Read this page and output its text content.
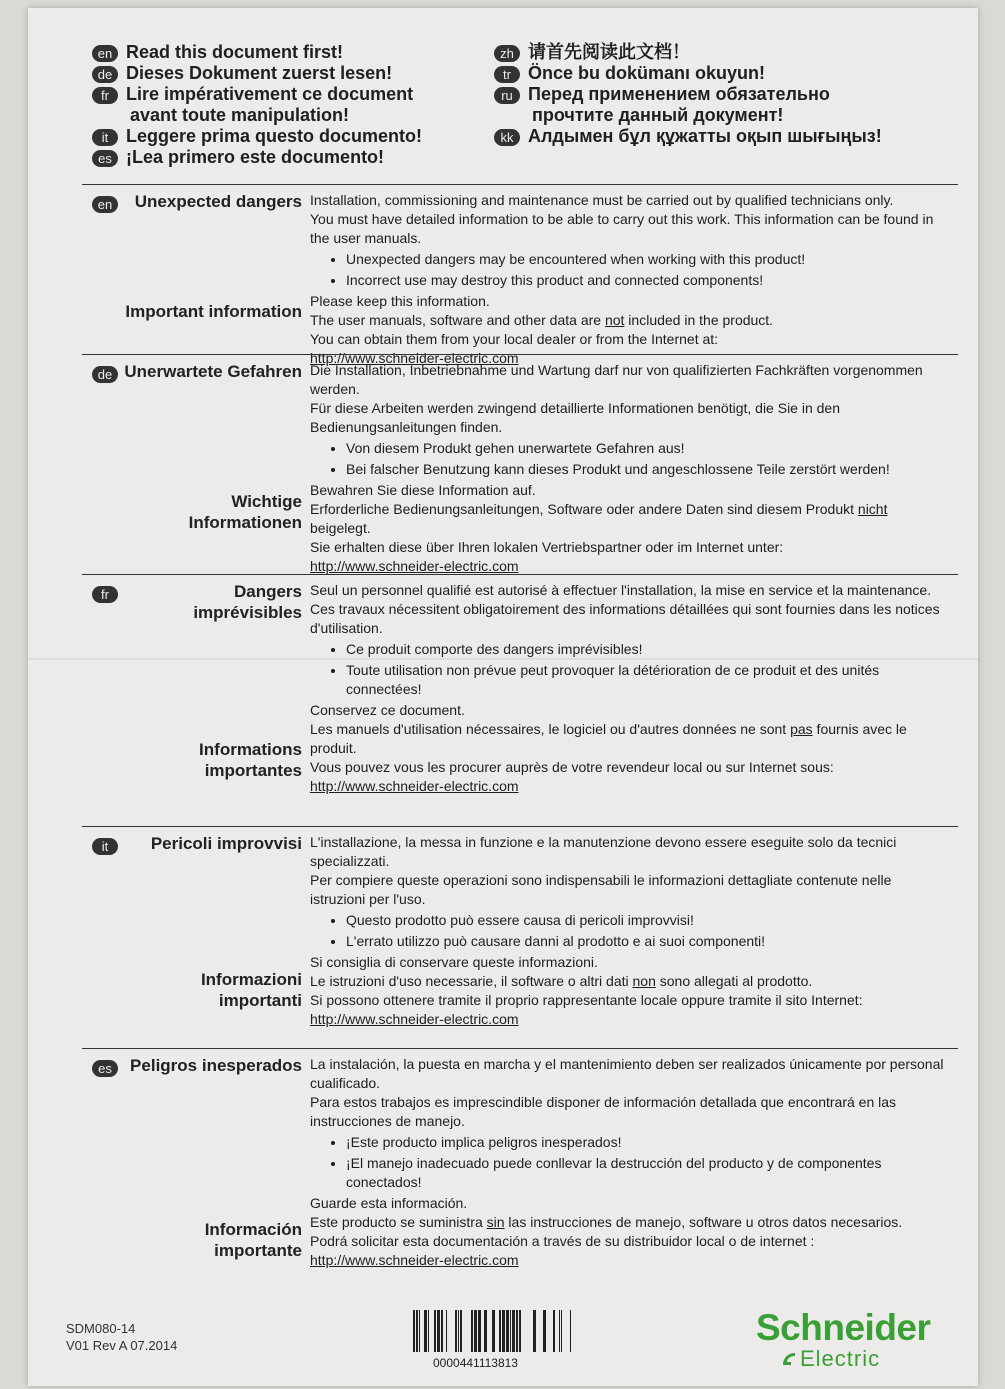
en Read this document first!
de Dieses Dokument zuerst lesen!
fr Lire impérativement ce document
avant toute manipulation!
it Leggere prima questo documento!
es ¡Lea primero este documento!
zh 请首先阅读此文档！
tr Önce bu dokümanı okuyun!
ru Перед применением обязательно
прочтите данный документ!
kk Алдымен бұл құжатты оқып шығыңыз!
en	Unexpected dangers Installation, commissioning and maintenance must be carried out by qualified technicians only.

You must have detailed information to be able to carry out this work. This information can be found in the user manuals.

• Unexpected dangers may be encountered when working with this product!
• Incorrect use may destroy this product and connected components!

Please keep this information.

The user manuals, software and other data are not included in the product.

You can obtain them from your local dealer or from the Internet at:

http://www.schneider-electric.com

Important information
de Unerwartete Gefahren Die Installation, Inbetriebnahme und Wartung darf nur von qualifizierten Fachkräften vorgenommen werden.

Für diese Arbeiten werden zwingend detaillierte Informationen benötigt, die Sie in den Bedienungsanleitungen finden.

• Von diesem Produkt gehen unerwartete Gefahren aus!
• Bei falscher Benutzung kann dieses Produkt und angeschlossene Teile zerstört werden!

Bewahren Sie diese Information auf.

Erforderliche Bedienungsanleitungen, Software oder andere Daten sind diesem Produkt nicht beigelegt.

Sie erhalten diese über Ihren lokalen Vertriebspartner oder im Internet unter:

http://www.schneider-electric.com

Wichtige Informationen
fr	Dangers imprévisibles

Seul un personnel qualifié est autorisé à effectuer l'installation, la mise en service et la maintenance.

Ces travaux nécessitent obligatoirement des informations détaillées qui sont fournies dans les notices d'utilisation.

• Ce produit comporte des dangers imprévisibles!
• Toute utilisation non prévue peut provoquer la détérioration de ce produit et des unités connectées!

Conservez ce document.

Les manuels d'utilisation nécessaires, le logiciel ou d'autres données ne sont pas fournis avec le produit.

Vous pouvez vous les procurer auprès de votre revendeur local ou sur Internet sous:

http://www.schneider-electric.com

Informations importantes
it	Pericoli improvvisi L'installazione, la messa in funzione e la manutenzione devono essere eseguite solo da tecnici specializzati.

Per compiere queste operazioni sono indispensabili le informazioni dettagliate contenute nelle istruzioni per l'uso.

• Questo prodotto può essere causa di pericoli improvvisi!
• L'errato utilizzo può causare danni al prodotto e ai suoi componenti!

Si consiglia di conservare queste informazioni.

Le istruzioni d'uso necessarie, il software o altri dati non sono allegati al prodotto.

Si possono ottenere tramite il proprio rappresentante locale oppure tramite il sito Internet:

http://www.schneider-electric.com

Informazioni importanti
es	Peligros inesperados La instalación, la puesta en marcha y el mantenimiento deben ser realizados únicamente por personal cualificado.

Para estos trabajos es imprescindible disponer de información detallada que encontrará en las instrucciones de manejo.

• ¡Este producto implica peligros inesperados!
• ¡El manejo inadecuado puede conllevar la destrucción del producto y de componentes conectados!

Guarde esta información.

Este producto se suministra sin las instrucciones de manejo, software u otros datos necesarios.

Podrá solicitar esta documentación a través de su distribuidor local o de internet :

http://www.schneider-electric.com

Información importante
SDM080-14
V01 Rev A 07.2014
0000441113813
Schneider
Electric
